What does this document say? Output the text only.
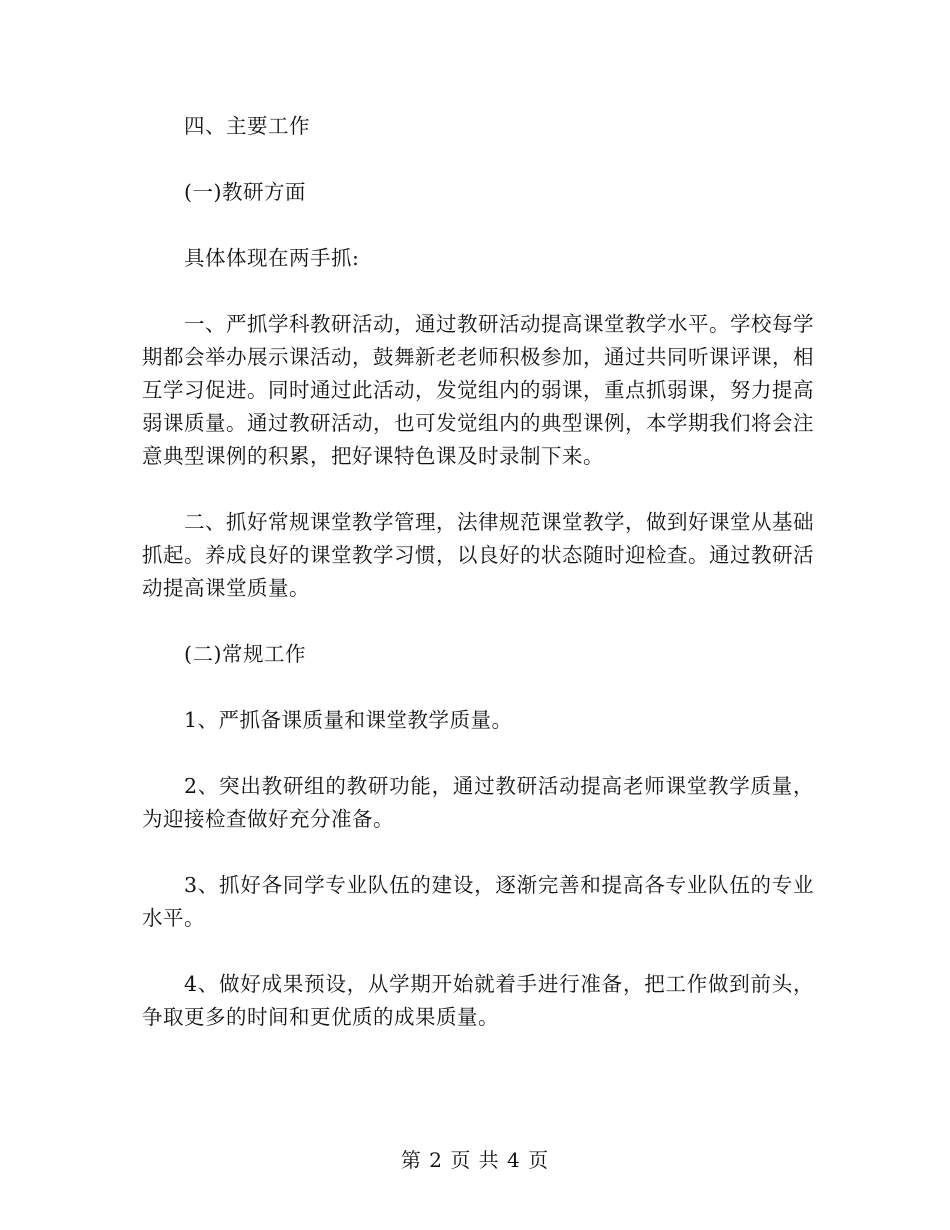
四、主要工作

(一)教研方面

具体体现在两手抓:

一、严抓学科教研活动，通过教研活动提高课堂教学水平。学校每学期都会举办展示课活动，鼓舞新老老师积极参加，通过共同听课评课，相互学习促进。同时通过此活动，发觉组内的弱课，重点抓弱课，努力提高弱课质量。通过教研活动，也可发觉组内的典型课例，本学期我们将会注意典型课例的积累，把好课特色课及时录制下来。

二、抓好常规课堂教学管理，法律规范课堂教学，做到好课堂从基础抓起。养成良好的课堂教学习惯，以良好的状态随时迎检查。通过教研活动提高课堂质量。

(二)常规工作

1、严抓备课质量和课堂教学质量。

2、突出教研组的教研功能，通过教研活动提高老师课堂教学质量，为迎接检查做好充分准备。

3、抓好各同学专业队伍的建设，逐渐完善和提高各专业队伍的专业水平。

4、做好成果预设，从学期开始就着手进行准备，把工作做到前头，争取更多的时间和更优质的成果质量。

第 2 页 共 4 页
